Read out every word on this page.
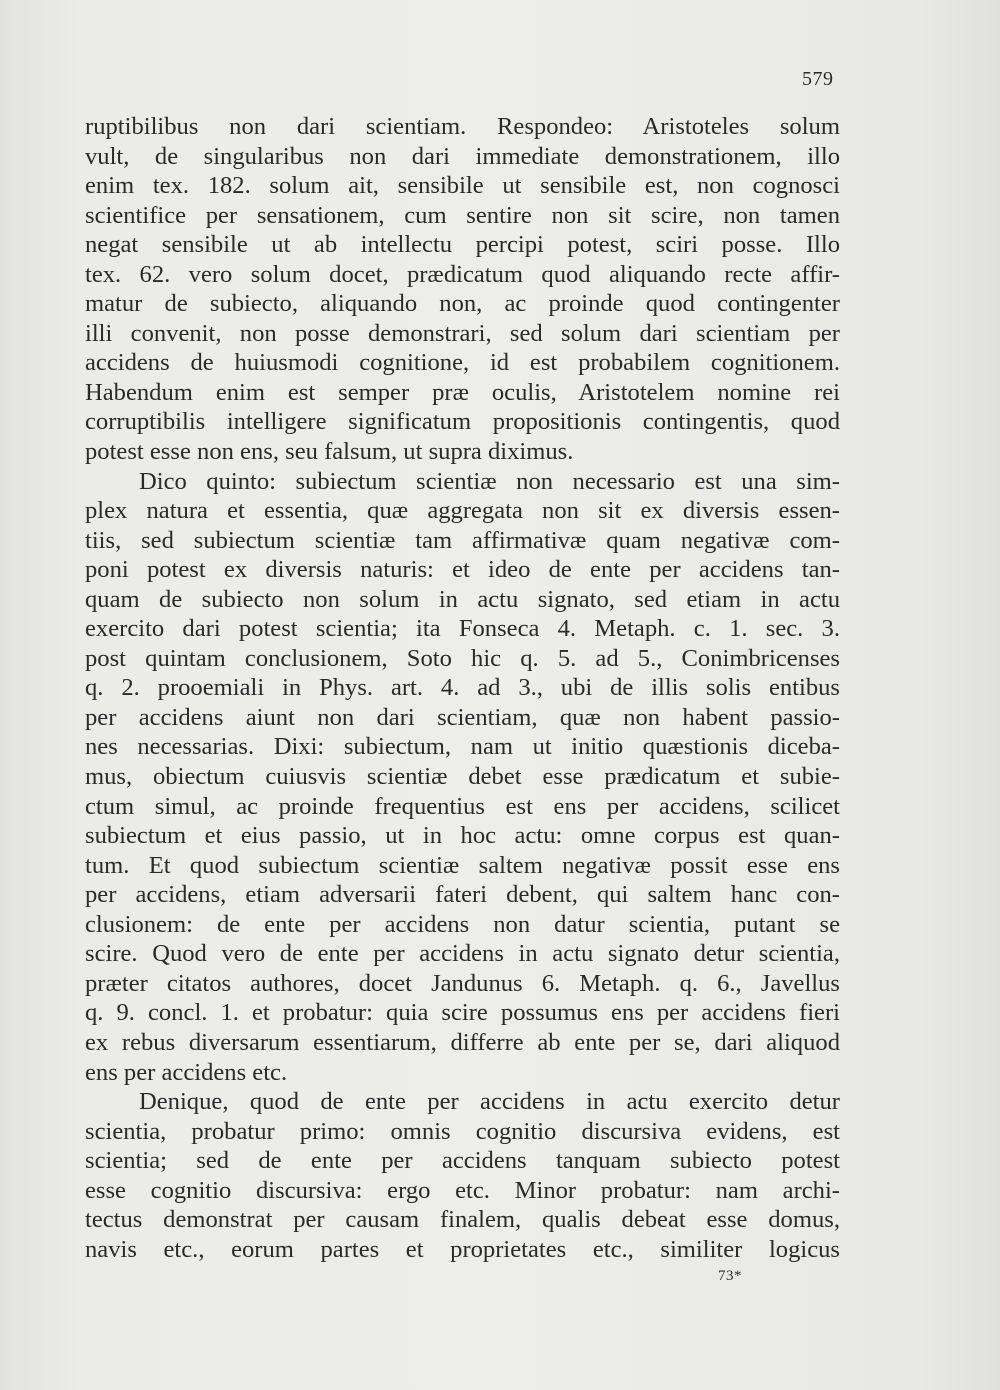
579
ruptibilibus non dari scientiam. Respondeo: Aristoteles solum
vult, de singularibus non dari immediate demonstrationem, illo
enim tex. 182. solum ait, sensibile ut sensibile est, non cognosci
scientifice per sensationem, cum sentire non sit scire, non tamen
negat sensibile ut ab intellectu percipi potest, sciri posse. Illo
tex. 62. vero solum docet, prædicatum quod aliquando recte affir-
matur de subiecto, aliquando non, ac proinde quod contingenter
illi convenit, non posse demonstrari, sed solum dari scientiam per
accidens de huiusmodi cognitione, id est probabilem cognitionem.
Habendum enim est semper præ oculis, Aristotelem nomine rei
corruptibilis intelligere significatum propositionis contingentis, quod
potest esse non ens, seu falsum, ut supra diximus.
Dico quinto: subiectum scientiæ non necessario est una sim-
plex natura et essentia, quæ aggregata non sit ex diversis essen-
tiis, sed subiectum scientiæ tam affirmativæ quam negativæ com-
poni potest ex diversis naturis: et ideo de ente per accidens tan-
quam de subiecto non solum in actu signato, sed etiam in actu
exercito dari potest scientia; ita Fonseca 4. Metaph. c. 1. sec. 3.
post quintam conclusionem, Soto hic q. 5. ad 5., Conimbricenses
q. 2. prooemiali in Phys. art. 4. ad 3., ubi de illis solis entibus
per accidens aiunt non dari scientiam, quæ non habent passio-
nes necessarias. Dixi: subiectum, nam ut initio quæstionis diceba-
mus, obiectum cuiusvis scientiæ debet esse prædicatum et subie-
ctum simul, ac proinde frequentius est ens per accidens, scilicet
subiectum et eius passio, ut in hoc actu: omne corpus est quan-
tum. Et quod subiectum scientiæ saltem negativæ possit esse ens
per accidens, etiam adversarii fateri debent, qui saltem hanc con-
clusionem: de ente per accidens non datur scientia, putant se
scire. Quod vero de ente per accidens in actu signato detur scientia,
præter citatos authores, docet Jandunus 6. Metaph. q. 6., Javellus
q. 9. concl. 1. et probatur: quia scire possumus ens per accidens fieri
ex rebus diversarum essentiarum, differre ab ente per se, dari aliquod
ens per accidens etc.
Denique, quod de ente per accidens in actu exercito detur
scientia, probatur primo: omnis cognitio discursiva evidens, est
scientia; sed de ente per accidens tanquam subiecto potest
esse cognitio discursiva: ergo etc. Minor probatur: nam archi-
tectus demonstrat per causam finalem, qualis debeat esse domus,
navis etc., eorum partes et proprietates etc., similiter logicus
73*
